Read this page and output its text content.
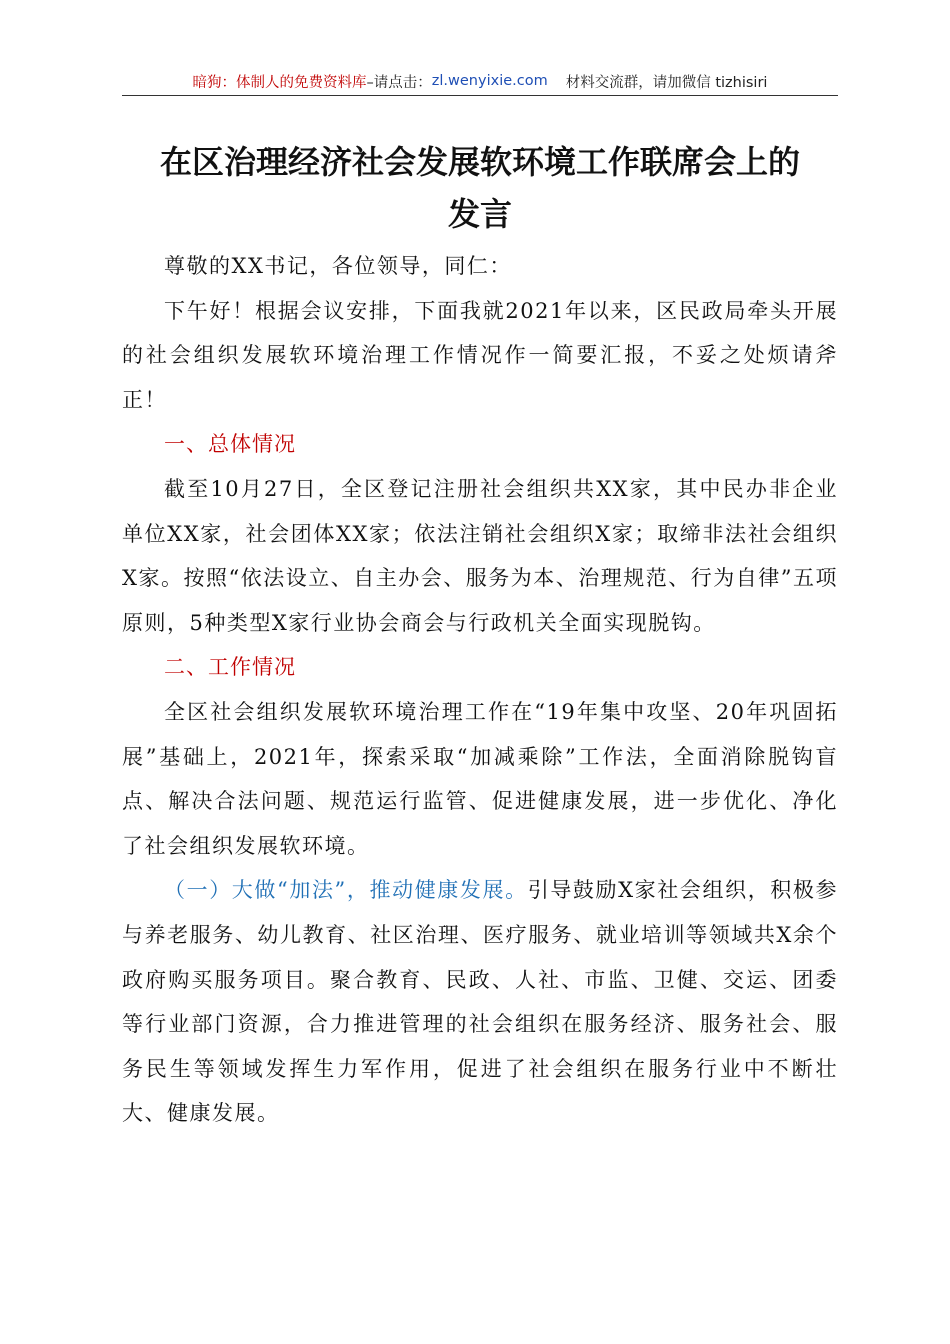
暗狗：体制人的免费资料库 –请点击： zl.wenyixie.com 材料交流群，请加微信 tizhisiri
在区治理经济社会发展软环境工作联席会上的
发言

尊敬的XX书记，各位领导，同仁：

下午好！根据会议安排，下面我就2021年以来，区民政局牵头开展的社会组织发展软环境治理工作情况作一简要汇报，不妥之处烦请斧正！

一、总体情况

截至10月27日，全区登记注册社会组织共XX家，其中民办非企业单位XX家，社会团体XX家；依法注销社会组织X家；取缔非法社会组织X家。按照“依法设立、自主办会、服务为本、治理规范、行为自律”五项原则，5种类型X家行业协会商会与行政机关全面实现脱钩。

二、工作情况

全区社会组织发展软环境治理工作在“19年集中攻坚、20年巩固拓展”基础上，2021年，探索采取“加减乘除”工作法，全面消除脱钩盲点、解决合法问题、规范运行监管、促进健康发展，进一步优化、净化了社会组织发展软环境。

（一）大做“加法”，推动健康发展。引导鼓励X家社会组织，积极参与养老服务、幼儿教育、社区治理、医疗服务、就业培训等领域共X余个政府购买服务项目。聚合教育、民政、人社、市监、卫健、交运、团委等行业部门资源，合力推进管理的社会组织在服务经济、服务社会、服务民生等领域发挥生力军作用，促进了社会组织在服务行业中不断壮大、健康发展。
